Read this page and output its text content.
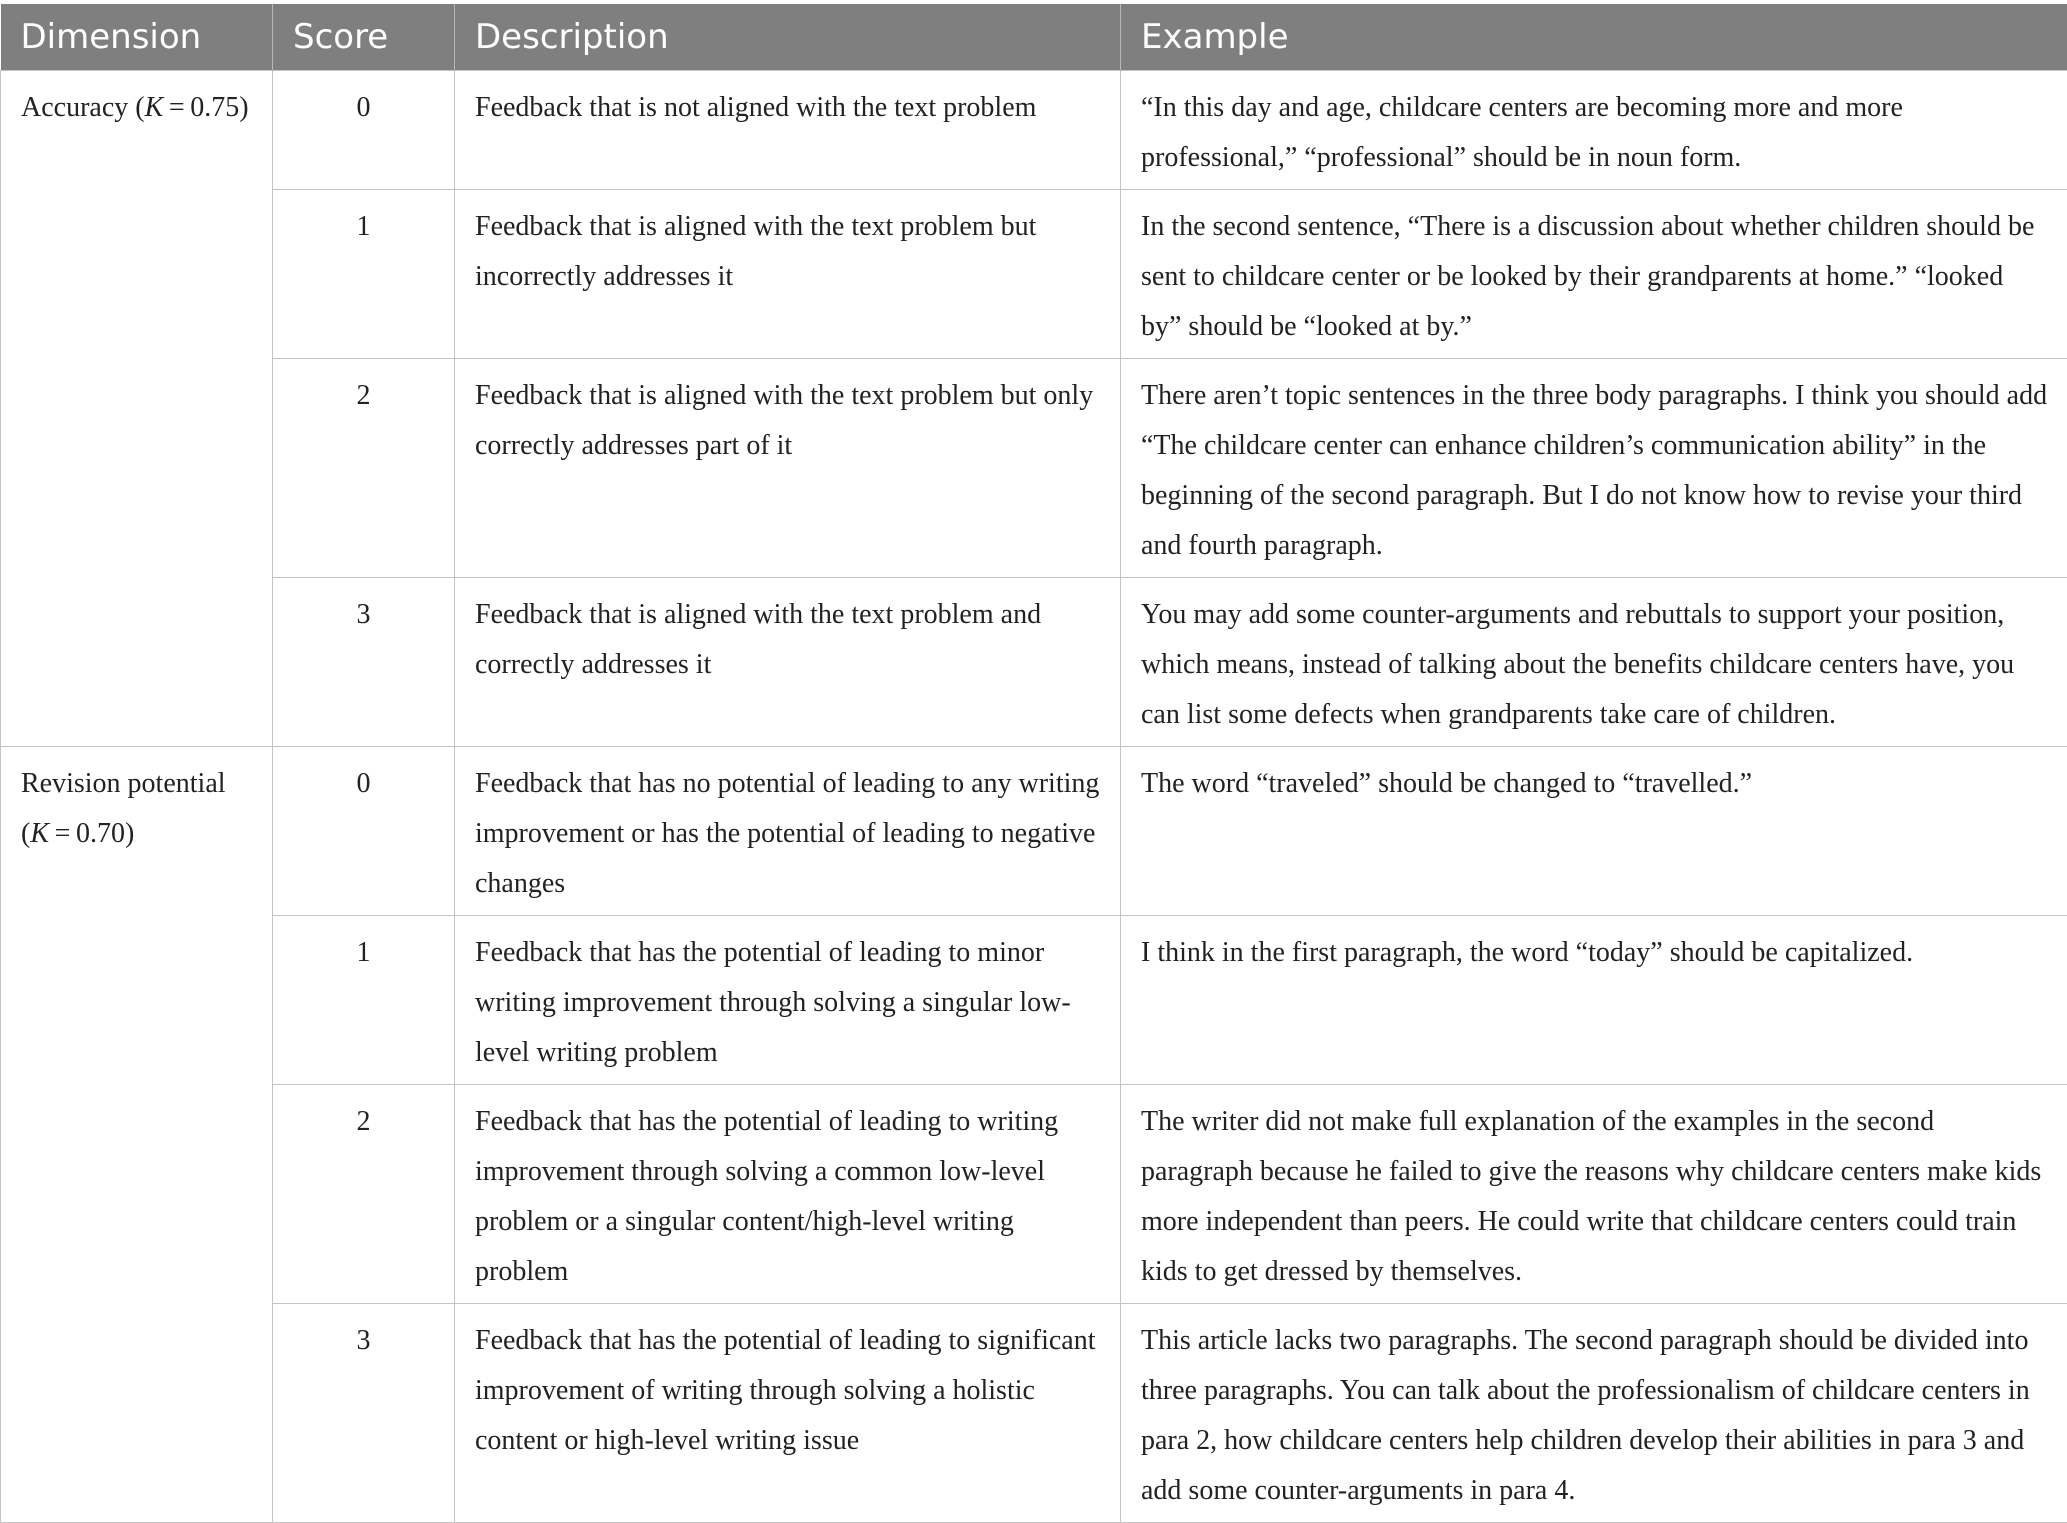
Dimension	Score	Description	Example
Accuracy (K = 0.75)	0	Feedback that is not aligned with the text problem	“In this day and age, childcare centers are becoming more and more professional,” “professional” should be in noun form.
	1	Feedback that is aligned with the text problem but incorrectly addresses it	In the second sentence, “There is a discussion about whether children should be sent to childcare center or be looked by their grandparents at home.” “looked by” should be “looked at by.”
	2	Feedback that is aligned with the text problem but only correctly addresses part of it	There aren’t topic sentences in the three body paragraphs. I think you should add “The childcare center can enhance children’s communication ability” in the beginning of the second paragraph. But I do not know how to revise your third and fourth paragraph.
	3	Feedback that is aligned with the text problem and correctly addresses it	You may add some counter-arguments and rebuttals to support your position, which means, instead of talking about the benefits childcare centers have, you can list some defects when grandparents take care of children.
Revision potential (K = 0.70)	0	Feedback that has no potential of leading to any writing improvement or has the potential of leading to negative changes	The word “traveled” should be changed to “travelled.”
	1	Feedback that has the potential of leading to minor writing improvement through solving a singular low-level writing problem	I think in the first paragraph, the word “today” should be capitalized.
	2	Feedback that has the potential of leading to writing improvement through solving a common low-level problem or a singular content/high-level writing problem	The writer did not make full explanation of the examples in the second paragraph because he failed to give the reasons why childcare centers make kids more independent than peers. He could write that childcare centers could train kids to get dressed by themselves.
	3	Feedback that has the potential of leading to significant improvement of writing through solving a holistic content or high-level writing issue	This article lacks two paragraphs. The second paragraph should be divided into three paragraphs. You can talk about the professionalism of childcare centers in para 2, how childcare centers help children develop their abilities in para 3 and add some counter-arguments in para 4.
